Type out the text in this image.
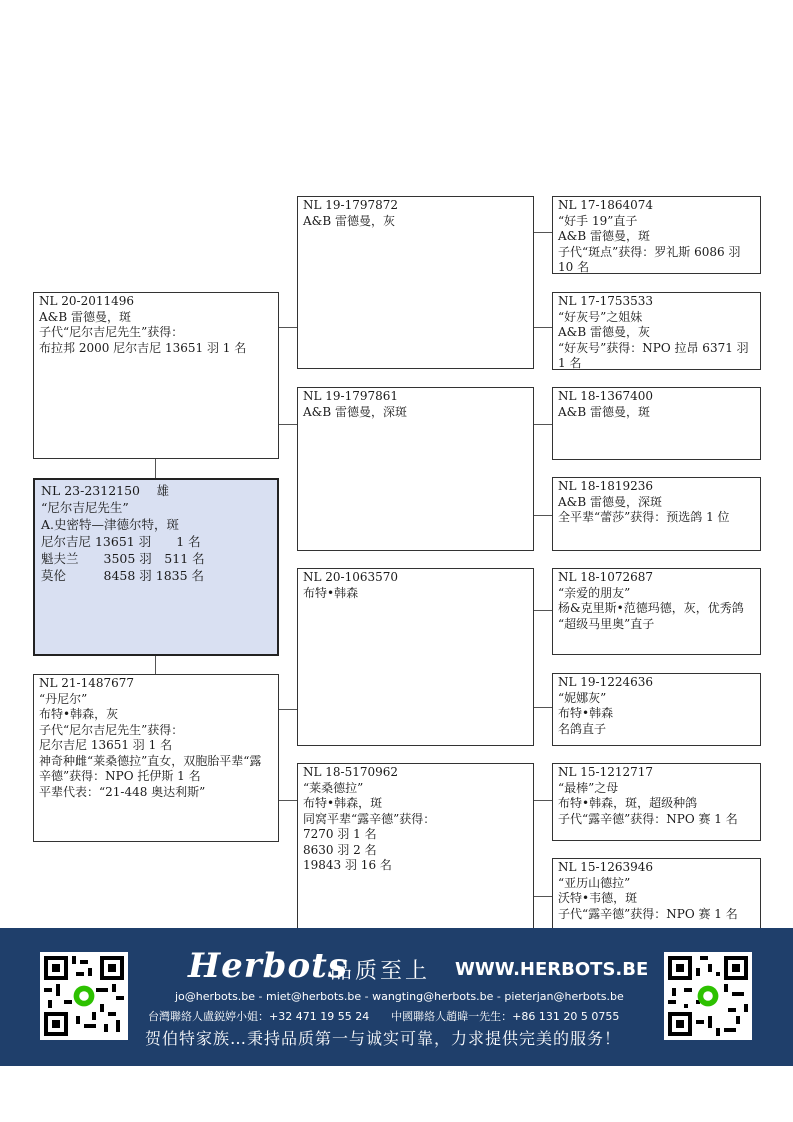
NL 23-2312150　 雄
“尼尔吉尼先生”
A.史密特—津德尔特，斑
尼尔吉尼 13651 羽　　1 名
魁夫兰　　3505 羽　511 名
莫伦　　　8458 羽 1835 名
NL 20-2011496
A&B 雷德曼，斑
子代“尼尔吉尼先生”获得：
布拉邦 2000 尼尔吉尼 13651 羽 1 名
NL 21-1487677
“丹尼尔”
布特•韩森，灰
子代“尼尔吉尼先生”获得：
尼尔吉尼 13651 羽 1 名
神奇种雌“莱桑德拉”直女，双胞胎平辈“露辛德”获得：NPO 托伊斯 1 名
平辈代表：“21-448 奥达利斯”
NL 19-1797872
A&B 雷德曼，灰
NL 19-1797861
A&B 雷德曼，深斑
NL 20-1063570
布特•韩森
NL 18-5170962
“莱桑德拉”
布特•韩森，斑
同窝平辈“露辛德”获得：
7270 羽 1 名
8630 羽 2 名
19843 羽 16 名
NL 17-1864074
“好手 19”直子
A&B 雷德曼，斑
子代“斑点”获得：罗礼斯 6086 羽 10 名
NL 17-1753533
“好灰号”之姐妹
A&B 雷德曼，灰
“好灰号”获得：NPO 拉昂 6371 羽 1 名
NL 18-1367400
A&B 雷德曼，斑
NL 18-1819236
A&B 雷德曼，深斑
全平辈“蕾莎”获得：预选鸽 1 位
NL 18-1072687
“亲爱的朋友”
杨&克里斯•范德玛德，灰，优秀鸽
“超级马里奥”直子
NL 19-1224636
“妮娜灰”
布特•韩森
名鸽直子
NL 15-1212717
“最棒”之母
布特•韩森，斑，超级种鸽
子代“露辛德”获得：NPO 赛 1 名
NL 15-1263946
“亚历山德拉”
沃特•韦德，斑
子代“露辛德”获得：NPO 赛 1 名
Herbots
品质至上 WWW.HERBOTS.BE
jo@herbots.be - miet@herbots.be - wangting@herbots.be - pieterjan@herbots.be
台灣聯絡人盧鋭婷小姐：+32 471 19 55 24　　中國聯絡人趙暐一先生：+86 131 20 5 0755
贺伯特家族…秉持品质第一与诚实可靠，力求提供完美的服务！
